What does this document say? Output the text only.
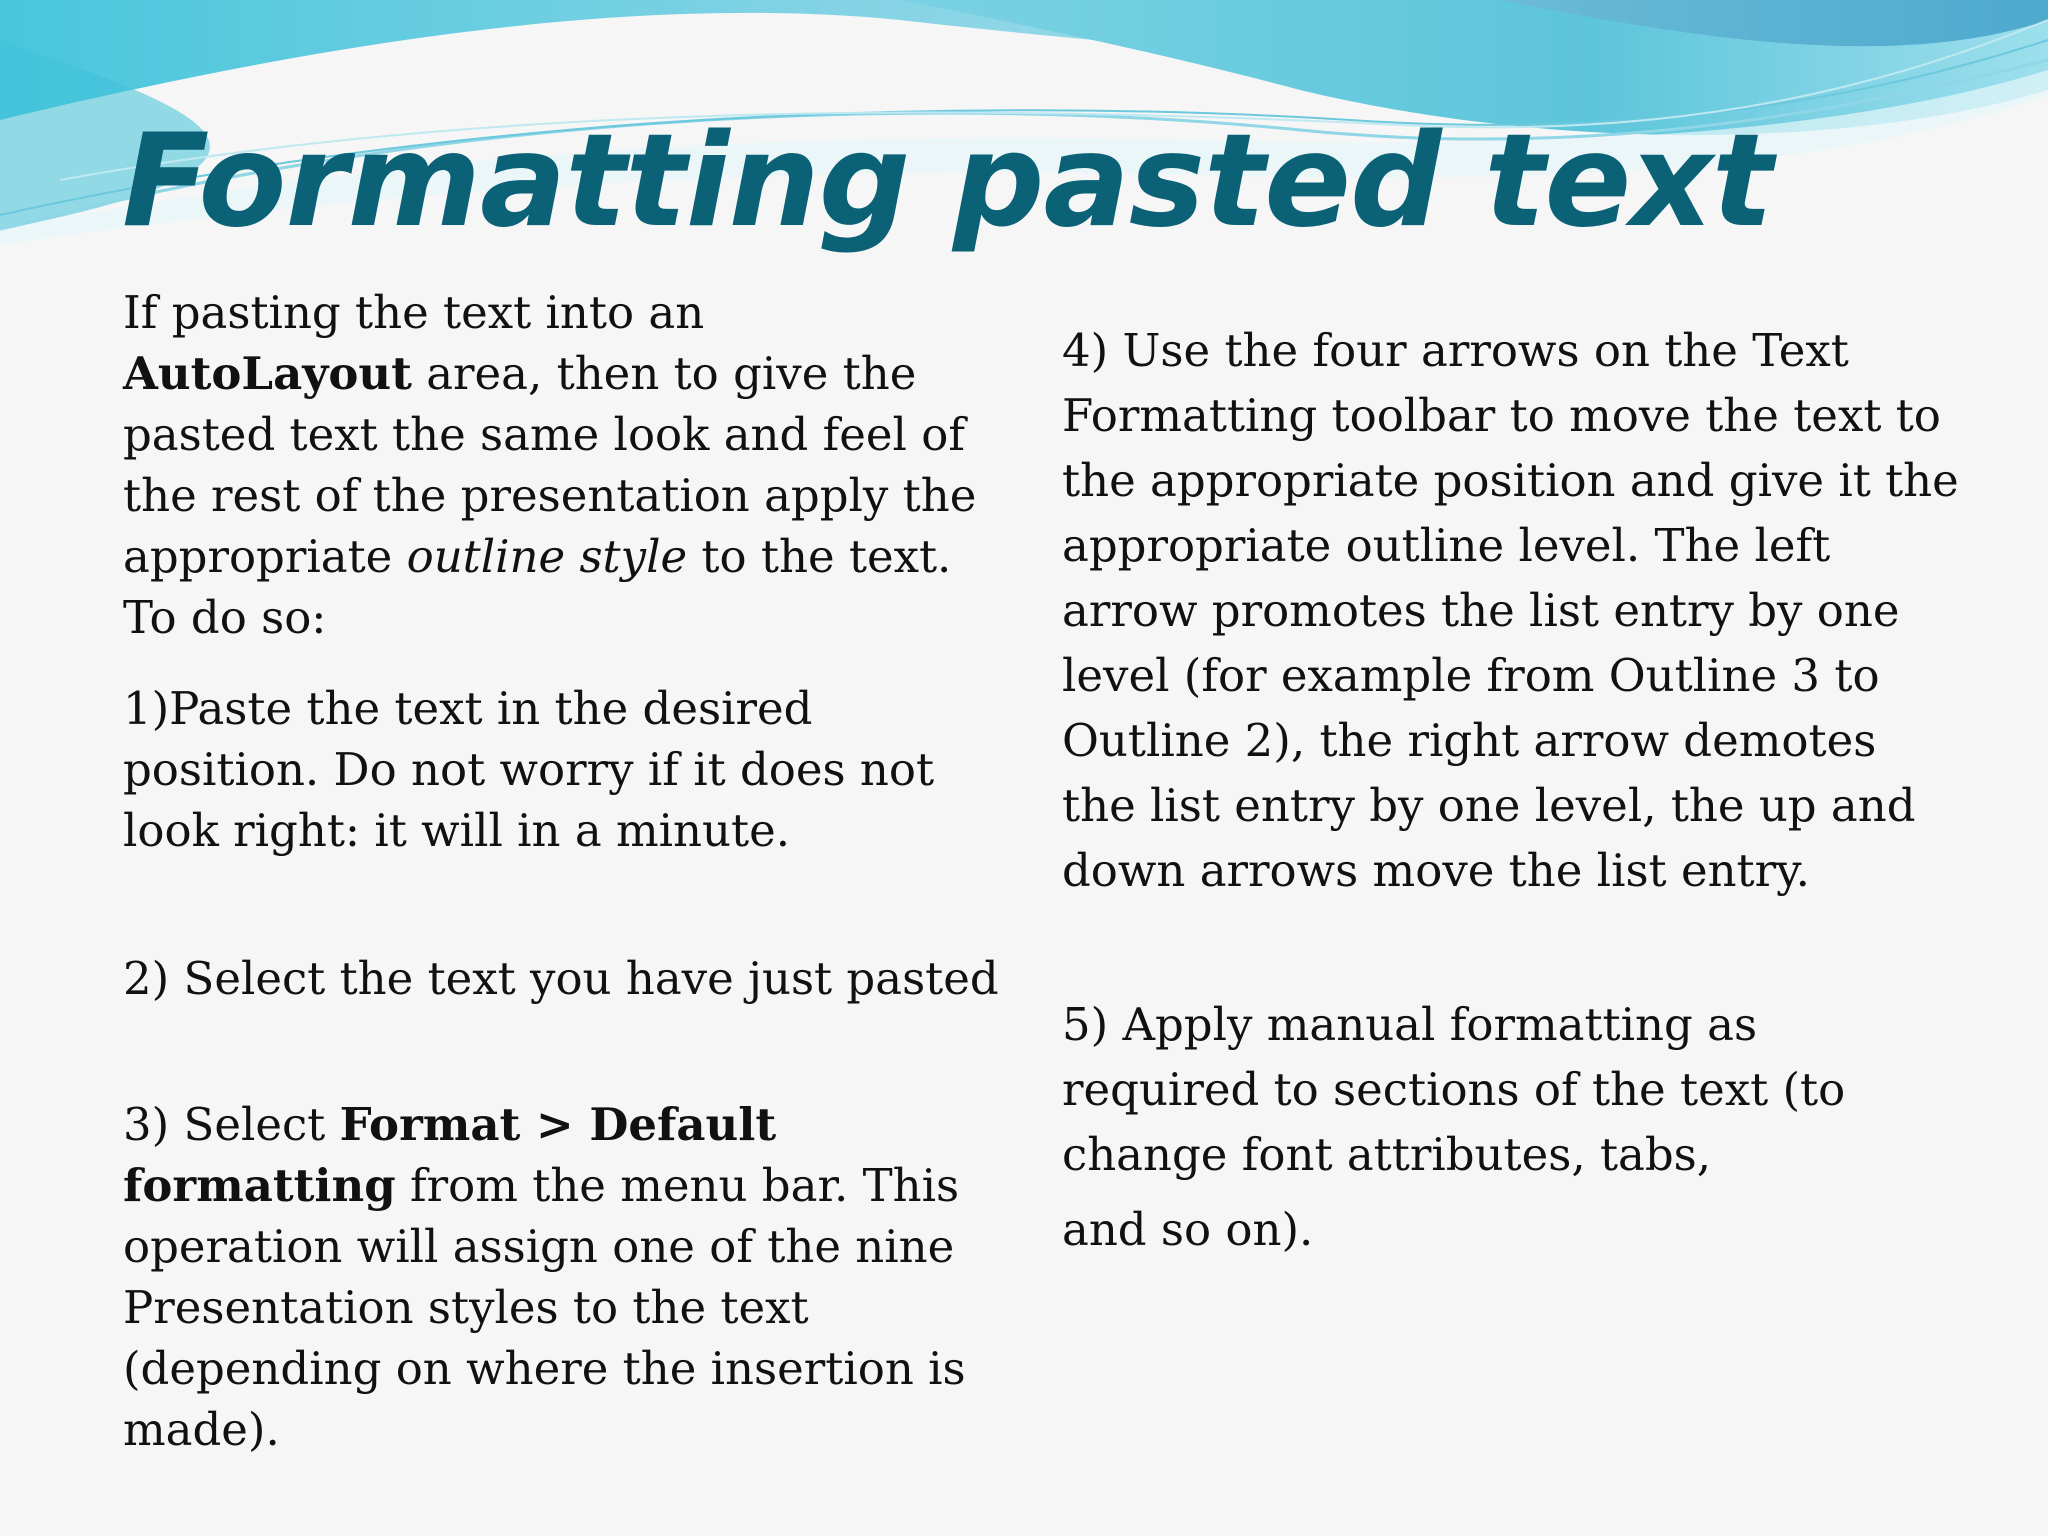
Formatting pasted text

If pasting the text into an AutoLayout area, then to give the pasted text the same look and feel of the rest of the presentation apply the appropriate outline style to the text. To do so:

1)Paste the text in the desired position. Do not worry if it does not look right: it will in a minute.

2) Select the text you have just pasted

3) Select Format > Default formatting from the menu bar. This operation will assign one of the nine Presentation styles to the text (depending on where the insertion is made).

4) Use the four arrows on the Text Formatting toolbar to move the text to the appropriate position and give it the appropriate outline level. The left arrow promotes the list entry by one level (for example from Outline 3 to Outline 2), the right arrow demotes the list entry by one level, the up and down arrows move the list entry.

5) Apply manual formatting as required to sections of the text (to change font attributes, tabs,
and so on).
